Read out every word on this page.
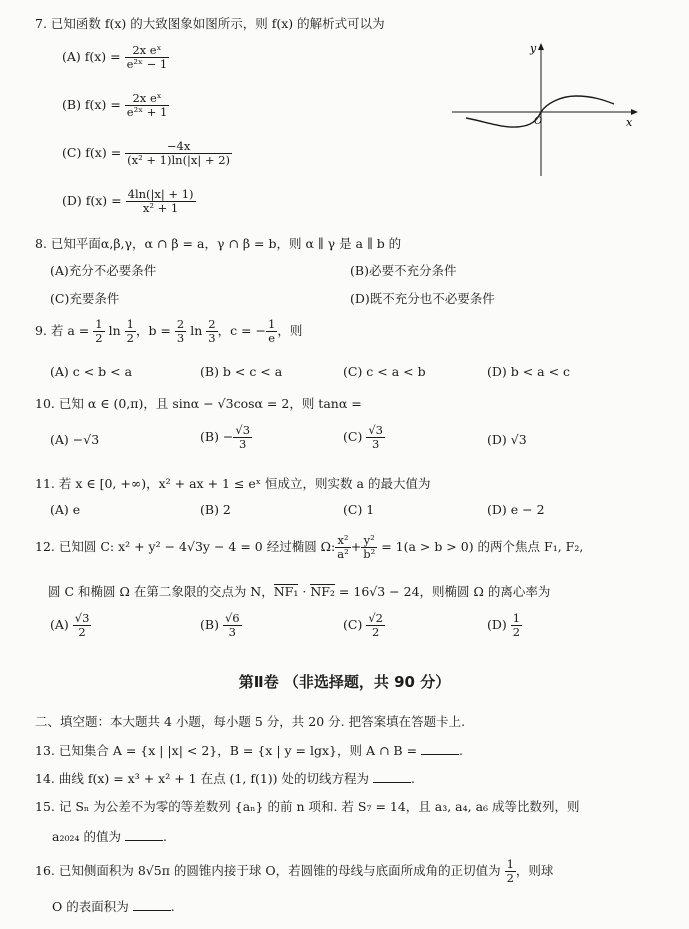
7. 已知函数 f(x) 的大致图象如图所示，则 f(x) 的解析式可以为
(A) $f(x) = \frac{\text{2x eˣ}}{\text{e²ˣ − 1}}$
(B) $f(x) = \frac{\text{2x eˣ}}{\text{e²ˣ + 1}}$
(C) $f(x) = \frac{-4x}{\text{(x² + 1)ln(|x| + 2)}}$
(D) $f(x) = \frac{4\ln(|x| + 1)}{\text{x² + 1}}$
x
y
O
8. 已知平面α,β,γ，α ∩ β = a，γ ∩ β = b，则 α ∥ γ 是 a ∥ b 的
(A)充分不必要条件	(B)必要不充分条件
(C)充要条件	(D)既不充分也不必要条件
9. 若 $a = \frac{1}{2}$ $\ln \frac{1}{2}$ ，$b = \frac{2}{3}$ $\ln \frac{2}{3}$ ，c = − $\frac{1}{e}$ ，则
(A) c < b < a	(B) b < c < a	(C) c < a < b	(D) b < a < c
10. 已知 α ∈ (0,π)，且 sinα − √3cosα = 2，则 tanα =
(A) −√3	$(B) - \frac{√3}{3}$	$(C) \frac{√3}{3}$	(D) √3
11. 若 x ∈ [0, +∞)，x² + ax + 1 ≤ eˣ 恒成立，则实数 a 的最大值为
(A) e	(B) 2	(C) 1	(D) e − 2
12. 已知圆 C: x² + y² − 4√3y − 4 = 0 经过椭圆 Ω: $\frac{\text{x²}}{\text{a²}} + \frac{\text{y²}}{\text{b²}} = 1(a > b > 0)$ 的两个焦点 F₁, F₂,
圆 C 和椭圆 Ω 在第二象限的交点为 N，NF₁ · NF₂ = 16√3 − 24，则椭圆 Ω 的离心率为
$(A) \frac{√3}{2}$	$(B) \frac{√6}{3}$	$(C) \frac{√2}{2}$	$(D) \frac{1}{2}$
第Ⅱ卷 （非选择题，共 90 分）
二、填空题：本大题共 4 小题，每小题 5 分，共 20 分. 把答案填在答题卡上.
13. 已知集合 A = {x | |x| < 2}，B = {x | y = lgx}，则 A ∩ B =	.
14. 曲线 f(x) = x³ + x² + 1 在点 (1, f(1)) 处的切线方程为	.
15. 记 Sₙ 为公差不为零的等差数列 {aₙ} 的前 n 项和. 若 S₇ = 14，且 a₃, a₄, a₆ 成等比数列，则
a₂₀₂₄ 的值为	.
16. 已知侧面积为 8√5π 的圆锥内接于球 O，若圆锥的母线与底面所成角的正切值为 $\frac{1}{2}$ ，则球
O 的表面积为	.
